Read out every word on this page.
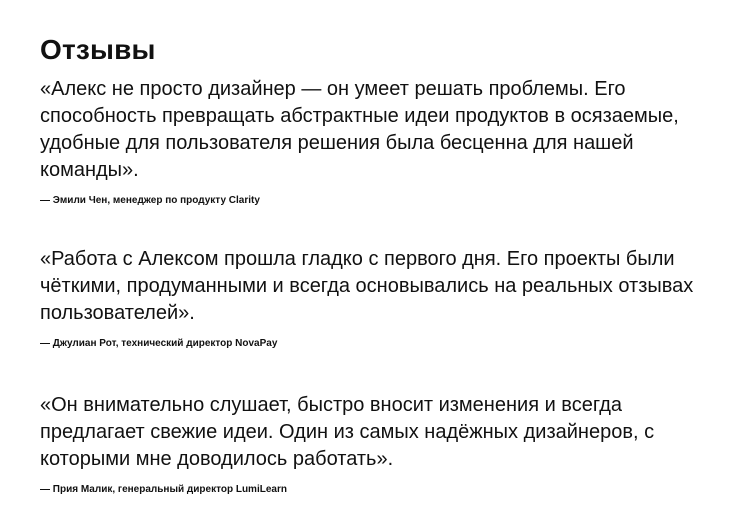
Отзывы

«Алекс не просто дизайнер — он умеет решать проблемы. Его способность превращать абстрактные идеи продуктов в осязаемые, удобные для пользователя решения была бесценна для нашей команды».

— Эмили Чен, менеджер по продукту Clarity

«Работа с Алексом прошла гладко с первого дня. Его проекты были чёткими, продуманными и всегда основывались на реальных отзывах пользователей».

— Джулиан Рот, технический директор NovaPay

«Он внимательно слушает, быстро вносит изменения и всегда предлагает свежие идеи. Один из самых надёжных дизайнеров, с которыми мне доводилось работать».

— Прия Малик, генеральный директор LumiLearn
